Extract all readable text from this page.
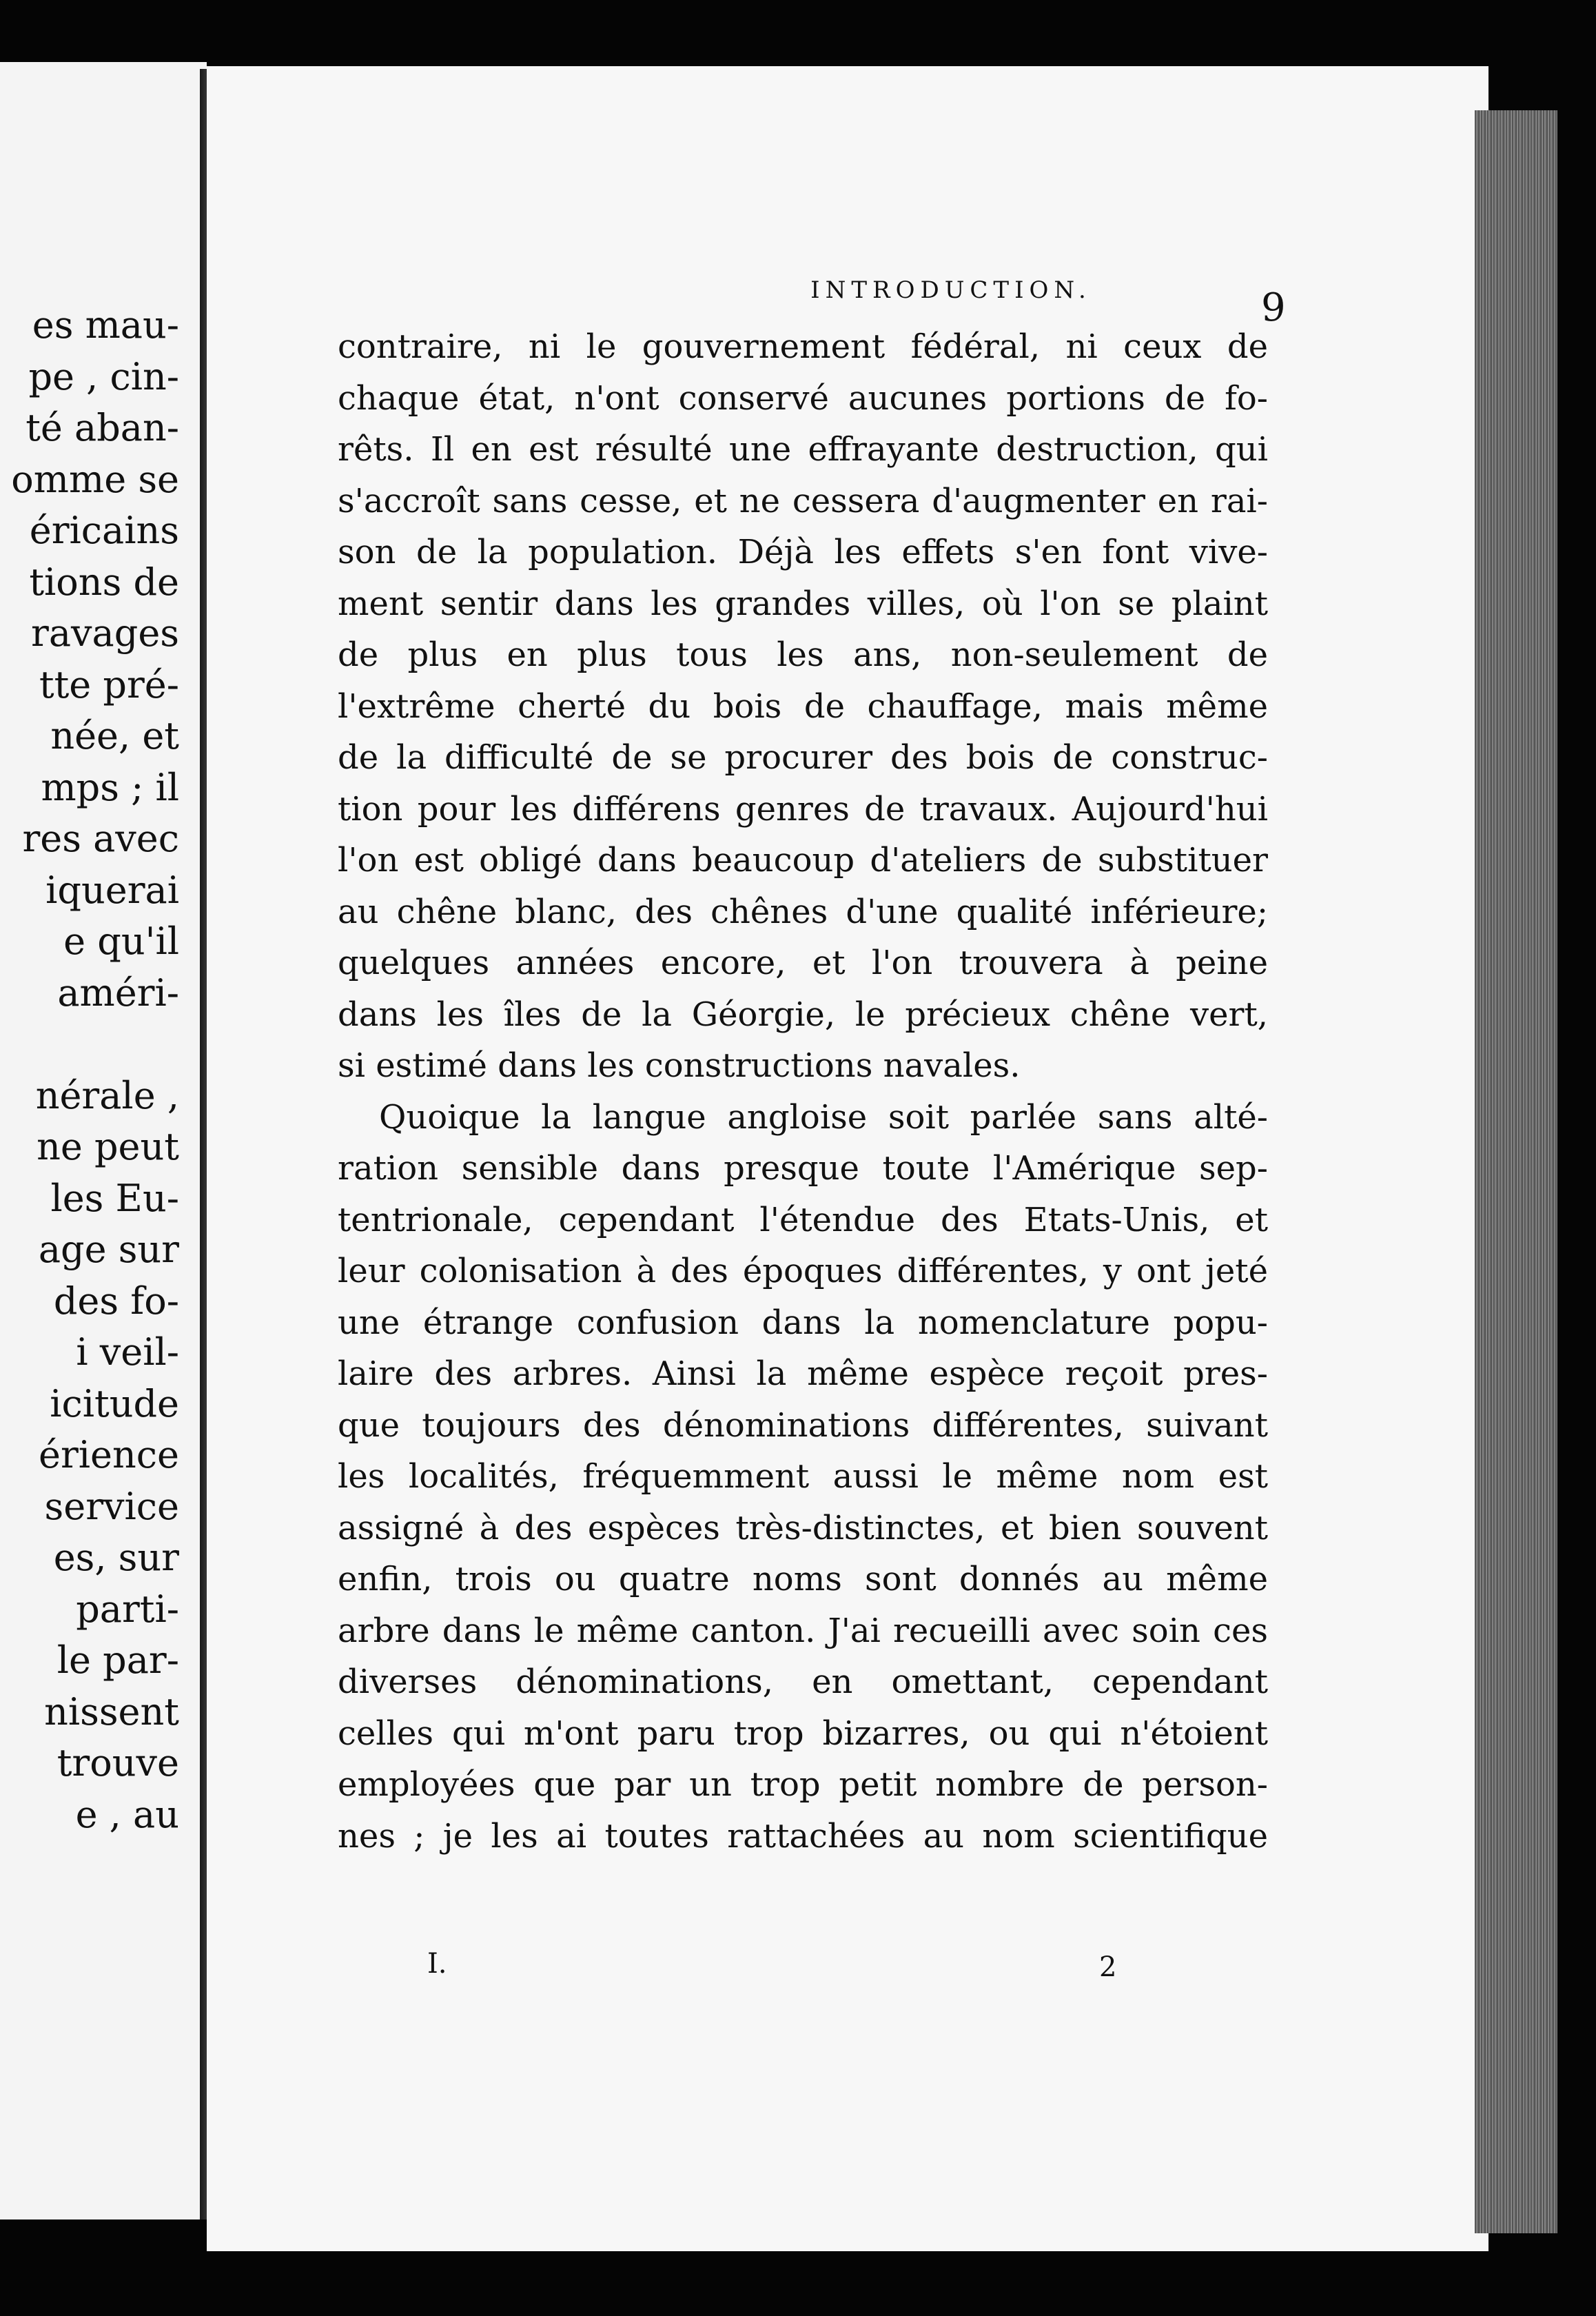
es mau-
pe , cin-
té aban-
omme se
éricains
tions de
ravages
tte pré-
née, et
mps ; il
res avec
iquerai
e qu'il
améri-
nérale ,
ne peut
les Eu-
age sur
des fo-
i veil-
icitude
érience
service
es, sur
parti-
le par-
nissent
trouve
e , au
INTRODUCTION.	9
contraire, ni le gouvernement fédéral, ni ceux de
chaque état, n'ont conservé aucunes portions de fo-
rêts. Il en est résulté une effrayante destruction, qui
s'accroît sans cesse, et ne cessera d'augmenter en rai-
son de la population. Déjà les effets s'en font vive-
ment sentir dans les grandes villes, où l'on se plaint
de plus en plus tous les ans, non-seulement de
l'extrême cherté du bois de chauffage, mais même
de la difficulté de se procurer des bois de construc-
tion pour les différens genres de travaux. Aujourd'hui
l'on est obligé dans beaucoup d'ateliers de substituer
au chêne blanc, des chênes d'une qualité inférieure;
quelques années encore, et l'on trouvera à peine
dans les îles de la Géorgie, le précieux chêne vert,
si estimé dans les constructions navales.
Quoique la langue angloise soit parlée sans alté-
ration sensible dans presque toute l'Amérique sep-
tentrionale, cependant l'étendue des Etats-Unis, et
leur colonisation à des époques différentes, y ont jeté
une étrange confusion dans la nomenclature popu-
laire des arbres. Ainsi la même espèce reçoit pres-
que toujours des dénominations différentes, suivant
les localités, fréquemment aussi le même nom est
assigné à des espèces très-distinctes, et bien souvent
enfin, trois ou quatre noms sont donnés au même
arbre dans le même canton. J'ai recueilli avec soin ces
diverses dénominations, en omettant, cependant
celles qui m'ont paru trop bizarres, ou qui n'étoient
employées que par un trop petit nombre de person-
nes ; je les ai toutes rattachées au nom scientifique
I.	2
